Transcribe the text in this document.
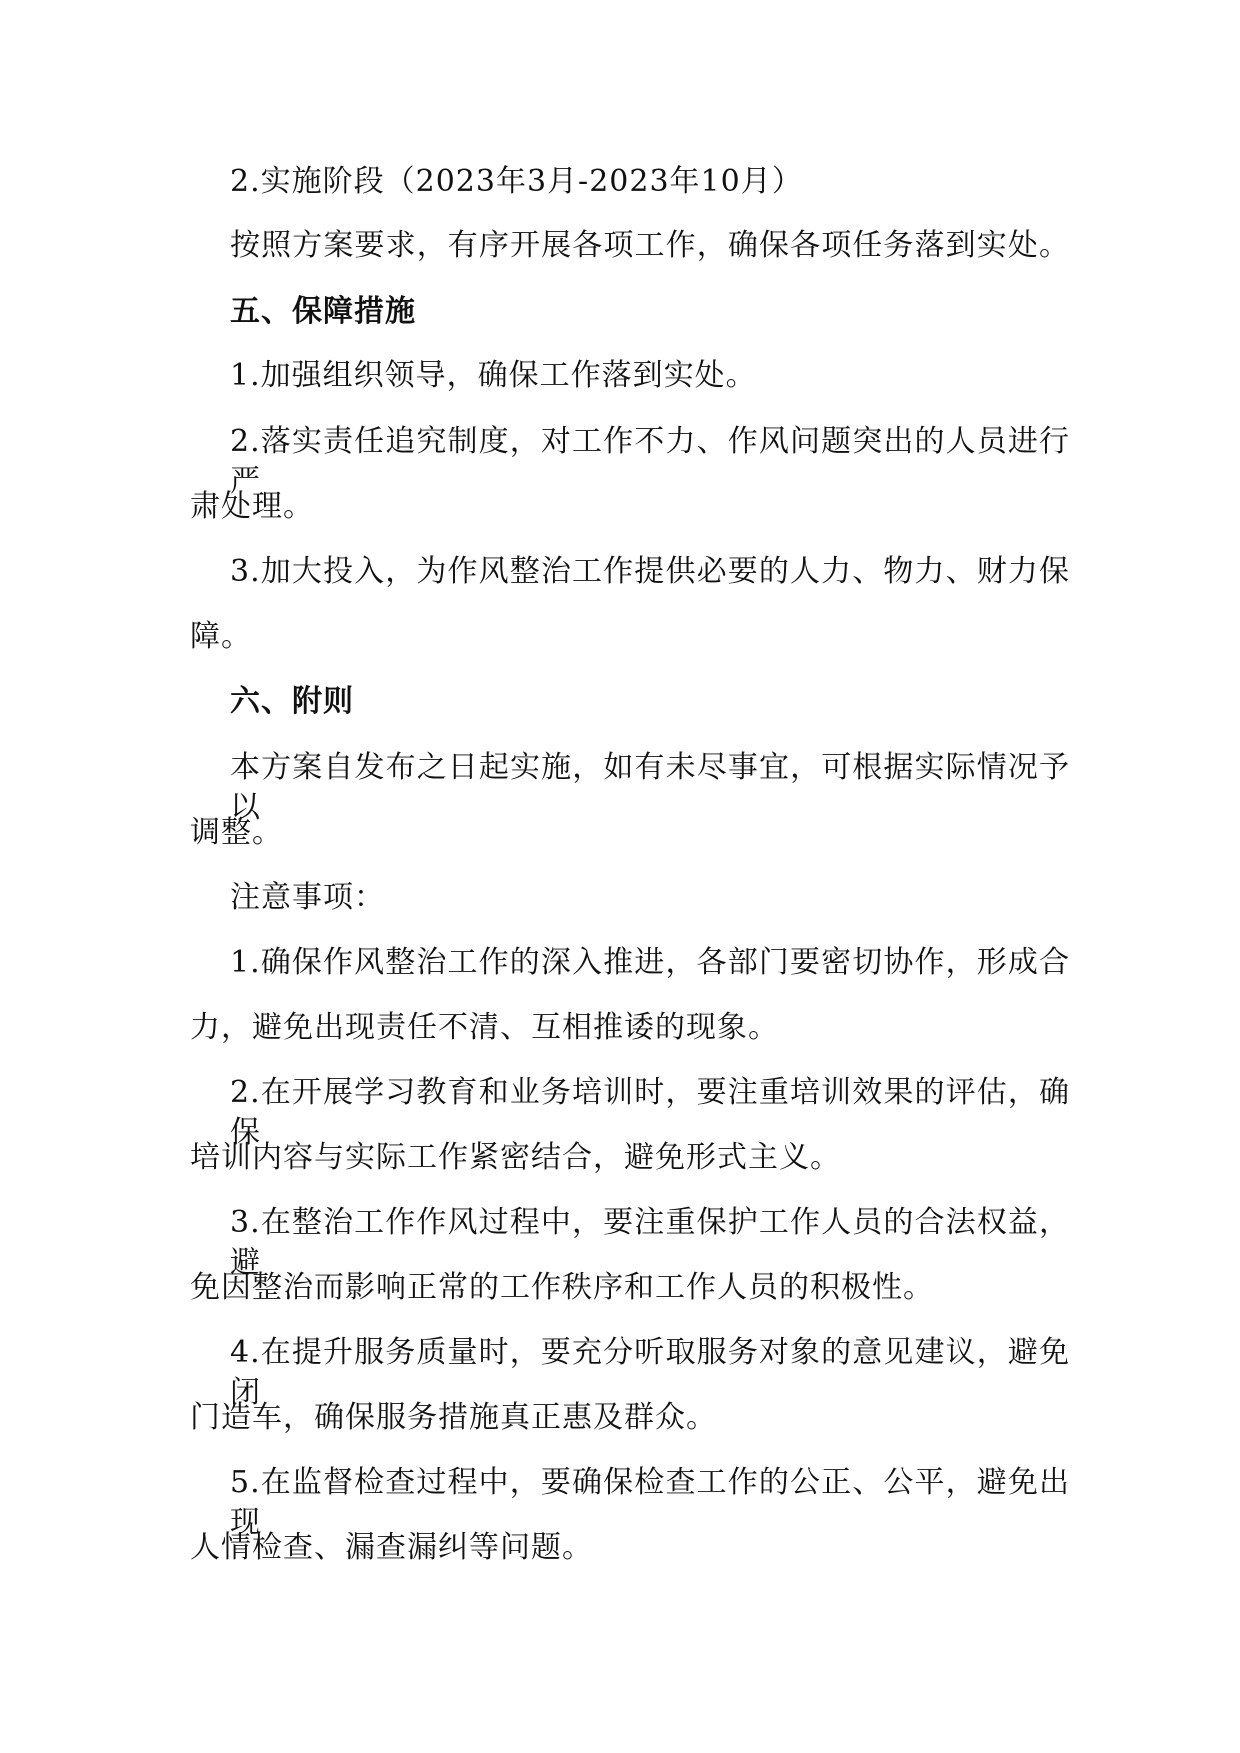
2.实施阶段（2023年3月-2023年10月）
按照方案要求，有序开展各项工作，确保各项任务落到实处。
五、保障措施
1.加强组织领导，确保工作落到实处。
2.落实责任追究制度，对工作不力、作风问题突出的人员进行严
肃处理。
3.加大投入，为作风整治工作提供必要的人力、物力、财力保
障。
六、附则
本方案自发布之日起实施，如有未尽事宜，可根据实际情况予以
调整。
注意事项：
1.确保作风整治工作的深入推进，各部门要密切协作，形成合
力，避免出现责任不清、互相推诿的现象。
2.在开展学习教育和业务培训时，要注重培训效果的评估，确保
培训内容与实际工作紧密结合，避免形式主义。
3.在整治工作作风过程中，要注重保护工作人员的合法权益，避
免因整治而影响正常的工作秩序和工作人员的积极性。
4.在提升服务质量时，要充分听取服务对象的意见建议，避免闭
门造车，确保服务措施真正惠及群众。
5.在监督检查过程中，要确保检查工作的公正、公平，避免出现
人情检查、漏查漏纠等问题。
